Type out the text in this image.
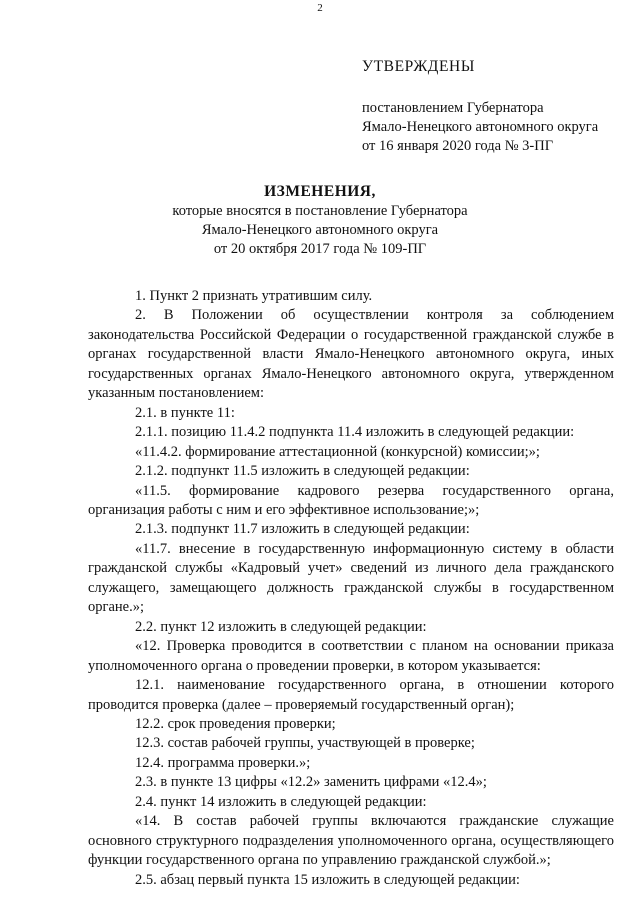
2
УТВЕРЖДЕНЫ
постановлением Губернатора
Ямало-Ненецкого автономного округа
от 16 января 2020 года № 3-ПГ
ИЗМЕНЕНИЯ,
которые вносятся в постановление Губернатора
Ямало-Ненецкого автономного округа
от 20 октября 2017 года № 109-ПГ

1. Пункт 2 признать утратившим силу.

2. В Положении об осуществлении контроля за соблюдением законодательства Российской Федерации о государственной гражданской службе в органах государственной власти Ямало-Ненецкого автономного округа, иных государственных органах Ямало-Ненецкого автономного округа, утвержденном указанным постановлением:

2.1. в пункте 11:

2.1.1. позицию 11.4.2 подпункта 11.4 изложить в следующей редакции:

«11.4.2. формирование аттестационной (конкурсной) комиссии;»;

2.1.2. подпункт 11.5 изложить в следующей редакции:

«11.5. формирование кадрового резерва государственного органа, организация работы с ним и его эффективное использование;»;

2.1.3. подпункт 11.7 изложить в следующей редакции:

«11.7. внесение в государственную информационную систему в области гражданской службы «Кадровый учет» сведений из личного дела гражданского служащего, замещающего должность гражданской службы в государственном органе.»;

2.2. пункт 12 изложить в следующей редакции:

«12. Проверка проводится в соответствии с планом на основании приказа уполномоченного органа о проведении проверки, в котором указывается:

12.1. наименование государственного органа, в отношении которого проводится проверка (далее – проверяемый государственный орган);

12.2. срок проведения проверки;

12.3. состав рабочей группы, участвующей в проверке;

12.4. программа проверки.»;

2.3. в пункте 13 цифры «12.2» заменить цифрами «12.4»;

2.4. пункт 14 изложить в следующей редакции:

«14. В состав рабочей группы включаются гражданские служащие основного структурного подразделения уполномоченного органа, осуществляющего функции государственного органа по управлению гражданской службой.»;

2.5. абзац первый пункта 15 изложить в следующей редакции:
